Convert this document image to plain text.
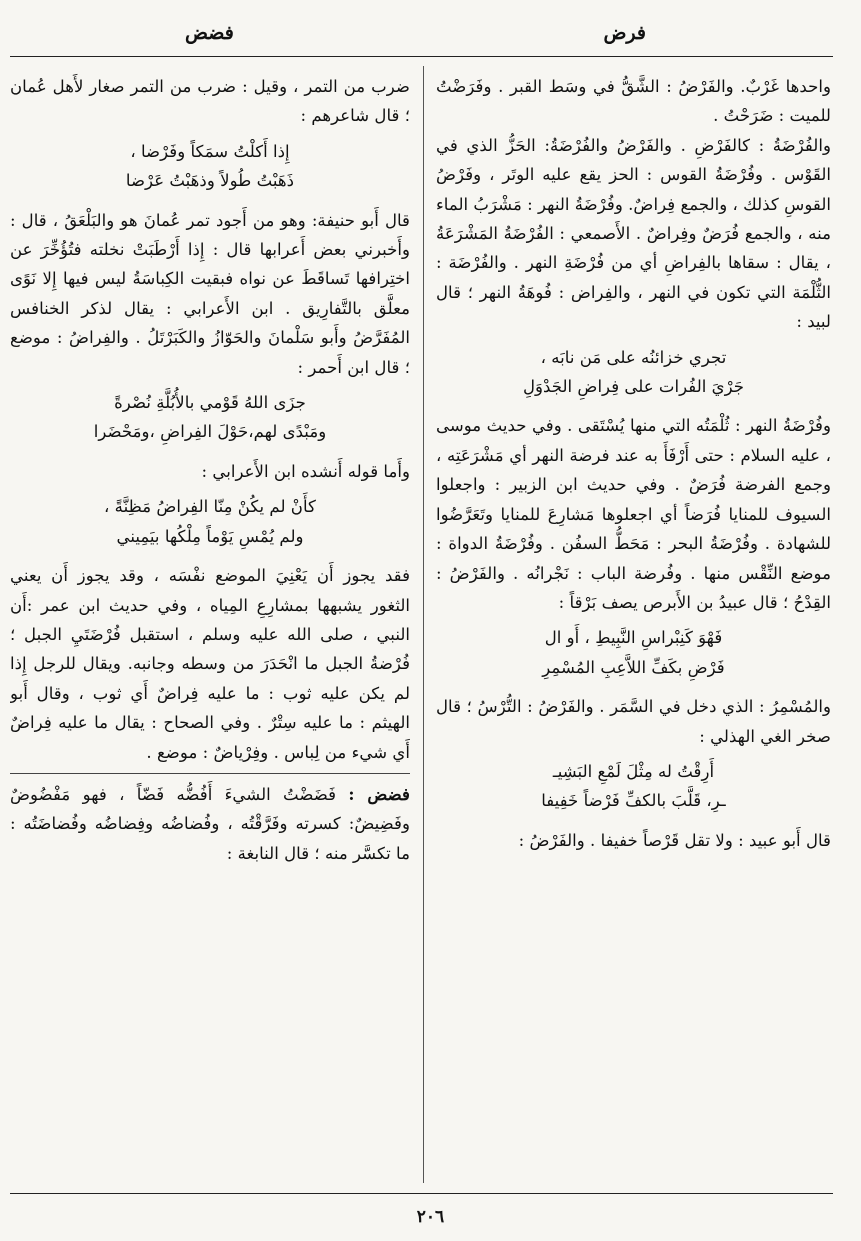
فرض
فضض

واحدها غَرْبٌ. والفَرْضُ : الشَّقُّ في وسَط القبر . وفَرَضْتُ للميت : ضَرَحْتُ .

والفُرْضَةُ : كالفَرْضِ . والفَرْضُ والفُرْضَةُ: الحَزُّ الذي في القَوْس . وفُرْضَةُ القوس : الحز يقع عليه الوتَر ، وفَرْضُ القوسِ كذلك ، والجمع فِراضٌ. وفُرْضَةُ النهر : مَشْرَبُ الماء منه ، والجمع فُرَضٌ وفِراضٌ . الأَصمعي : الفُرْضَةُ المَشْرَعَةُ ، يقال : سقاها بالفِراضِ أي من فُرْضَةِ النهر . والفُرْضَة : الثُّلْمَة التي تكون في النهر ، والفِراض : فُوهَةُ النهر ؛ قال لبيد :

تجري خزائنُه على مَن نابَه ،
جَرْيَ الفُرات على فِراضِ الجَدْوَلِ

وفُرْضَةُ النهر : ثُلْمَتُه التي منها يُسْتَقى . وفي حديث موسى ، عليه السلام : حتى أَرْفَأَ به عند فرضة النهر أي مَشْرَعَتِه ، وجمع الفرضة فُرَضٌ . وفي حديث ابن الزبير : واجعلوا السيوف للمنايا فُرَضاً أي اجعلوها مَشارِعَ للمنايا وتَعَرَّضُوا للشهادة . وفُرْضَةُ البحر : مَحَطُّ السفُن . وفُرْضَةُ الدواة : موضع النِّقْس منها . وفُرضة الباب : نَجْرانُه . والفَرْضُ : القِدْحُ ؛ قال عبيدُ بن الأَبرص يصف بَرْقاً :

فَهْوَ كَنِبْراسِ النَّبِيطِ ، أَو ال
فَرْضِ بكَفِّ اللاَّعِبِ المُسْمِرِ

والمُسْمِرُ : الذي دخل في السَّمَر . والفَرْضُ : التُّرْسُ ؛ قال صخر الغي الهذلي :

أَرِقْتُ له مِثْلَ لَمْعِ البَشِيـ
ـرِ، قَلَّبَ بالكفِّ فَرْضاً خَفِيفا

قال أَبو عبيد : ولا تقل قَرْصاً خفيفا . والفَرْضُ :

ضرب من التمر ، وقيل : ضرب من التمر صغار لأَهل عُمان ؛ قال شاعرهم :

إِذا أَكلْتُ سمَكاً وفَرْضا ،
ذَهَبْتُ طُولاً وذهَبْتُ عَرْضا

قال أَبو حنيفة: وهو من أَجود تمر عُمانَ هو والبَلْعَقُ ، قال : وأَخبرني بعض أَعرابها قال : إِذا أَرْطَبَتْ نخلته فتُؤُخِّرَ عن اختِرافها تَساقَطَ عن نواه فبقيت الكِباسَةُ ليس فيها إِلا نَوًى معلَّق بالتَّفارِيق . ابن الأَعرابي : يقال لذكر الخنافس المُفَرَّضُ وأَبو سَلْمانَ والحَوّازُ والكَبَرْتَلُ . والفِراضُ : موضع ؛ قال ابن أَحمر :

جزَى اللهُ قَوْمي بالأُبُلَّةِ نُصْرةً
ومَبْدًى لهم،حَوْلَ الفِراضِ ،ومَحْضَرا

وأَما قوله أَنشده ابن الأَعرابي :

كأَنْ لم يكُنْ مِنّا الفِراضُ مَظِنَّةً ،
ولم يُمْسِ يَوْماً مِلْكُها بيَمِيني

فقد يجوز أَن يَعْنِيَ الموضع نفْسَه ، وقد يجوز أَن يعني الثغور يشبهها بمشارِعِ المِياه ، وفي حديث ابن عمر :أَن النبي ، صلى الله عليه وسلم ، استقبل فُرْضَتَيِ الجبل ؛ فُرْضةُ الجبل ما انْحَدَرَ من وسطه وجانبه. ويقال للرجل إِذا لم يكن عليه ثوب : ما عليه فِراضٌ أَي ثوب ، وقال أَبو الهيثم : ما عليه سِتْرٌ . وفي الصحاح : يقال ما عليه فِراضٌ أَي شيء من لِباس . وفِرْياضٌ : موضع .

فضض : فَضَضْتُ الشيءَ أَفُضُّه فَضّاً ، فهو مَفْضُوضٌ وفَضِيضٌ: كسرته وفَرَّقْتُه ، وفُضاضُه وفِضاضُه وفُضاضَتُه : ما تكسَّر منه ؛ قال النابغة :

٢٠٦
